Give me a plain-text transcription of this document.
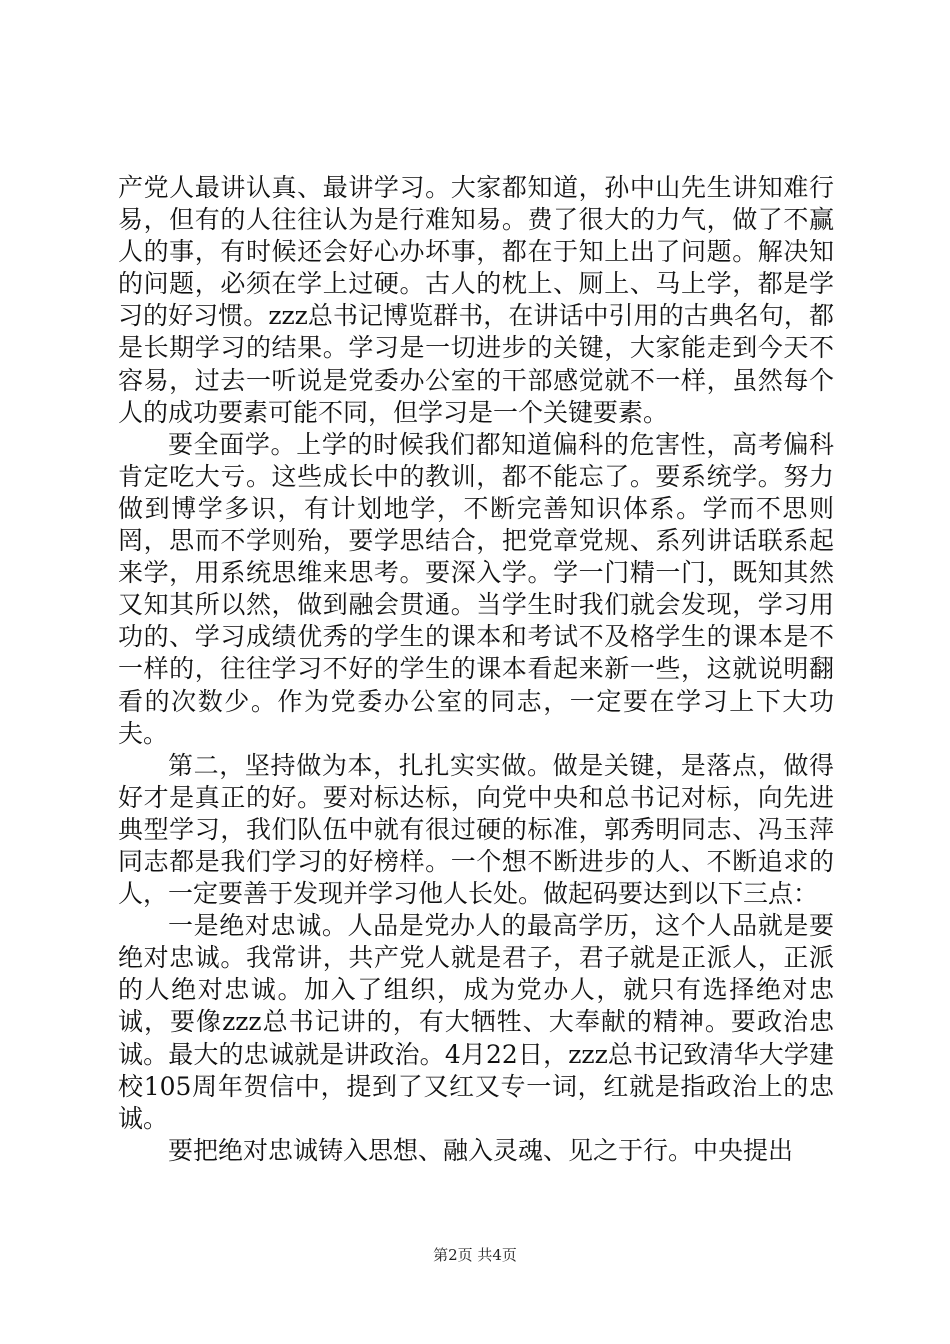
产党人最讲认真、最讲学习。大家都知道，孙中山先生讲知难行易，但有的人往往认为是行难知易。费了很大的力气，做了不赢人的事，有时候还会好心办坏事，都在于知上出了问题。解决知的问题，必须在学上过硬。古人的枕上、厕上、马上学，都是学习的好习惯。zzz总书记博览群书，在讲话中引用的古典名句，都是长期学习的结果。学习是一切进步的关键，大家能走到今天不容易，过去一听说是党委办公室的干部感觉就不一样，虽然每个人的成功要素可能不同，但学习是一个关键要素。

要全面学。上学的时候我们都知道偏科的危害性，高考偏科肯定吃大亏。这些成长中的教训，都不能忘了。要系统学。努力做到博学多识，有计划地学，不断完善知识体系。学而不思则罔，思而不学则殆，要学思结合，把党章党规、系列讲话联系起来学，用系统思维来思考。要深入学。学一门精一门，既知其然又知其所以然，做到融会贯通。当学生时我们就会发现，学习用功的、学习成绩优秀的学生的课本和考试不及格学生的课本是不一样的，往往学习不好的学生的课本看起来新一些，这就说明翻看的次数少。作为党委办公室的同志，一定要在学习上下大功夫。

第二，坚持做为本，扎扎实实做。做是关键，是落点，做得好才是真正的好。要对标达标，向党中央和总书记对标，向先进典型学习，我们队伍中就有很过硬的标准，郭秀明同志、冯玉萍同志都是我们学习的好榜样。一个想不断进步的人、不断追求的人，一定要善于发现并学习他人长处。做起码要达到以下三点：

一是绝对忠诚。人品是党办人的最高学历，这个人品就是要绝对忠诚。我常讲，共产党人就是君子，君子就是正派人，正派的人绝对忠诚。加入了组织，成为党办人，就只有选择绝对忠诚，要像zzz总书记讲的，有大牺牲、大奉献的精神。要政治忠诚。最大的忠诚就是讲政治。4月22日，zzz总书记致清华大学建校105周年贺信中，提到了又红又专一词，红就是指政治上的忠诚。

要把绝对忠诚铸入思想、融入灵魂、见之于行。中央提出

第2页 共4页
